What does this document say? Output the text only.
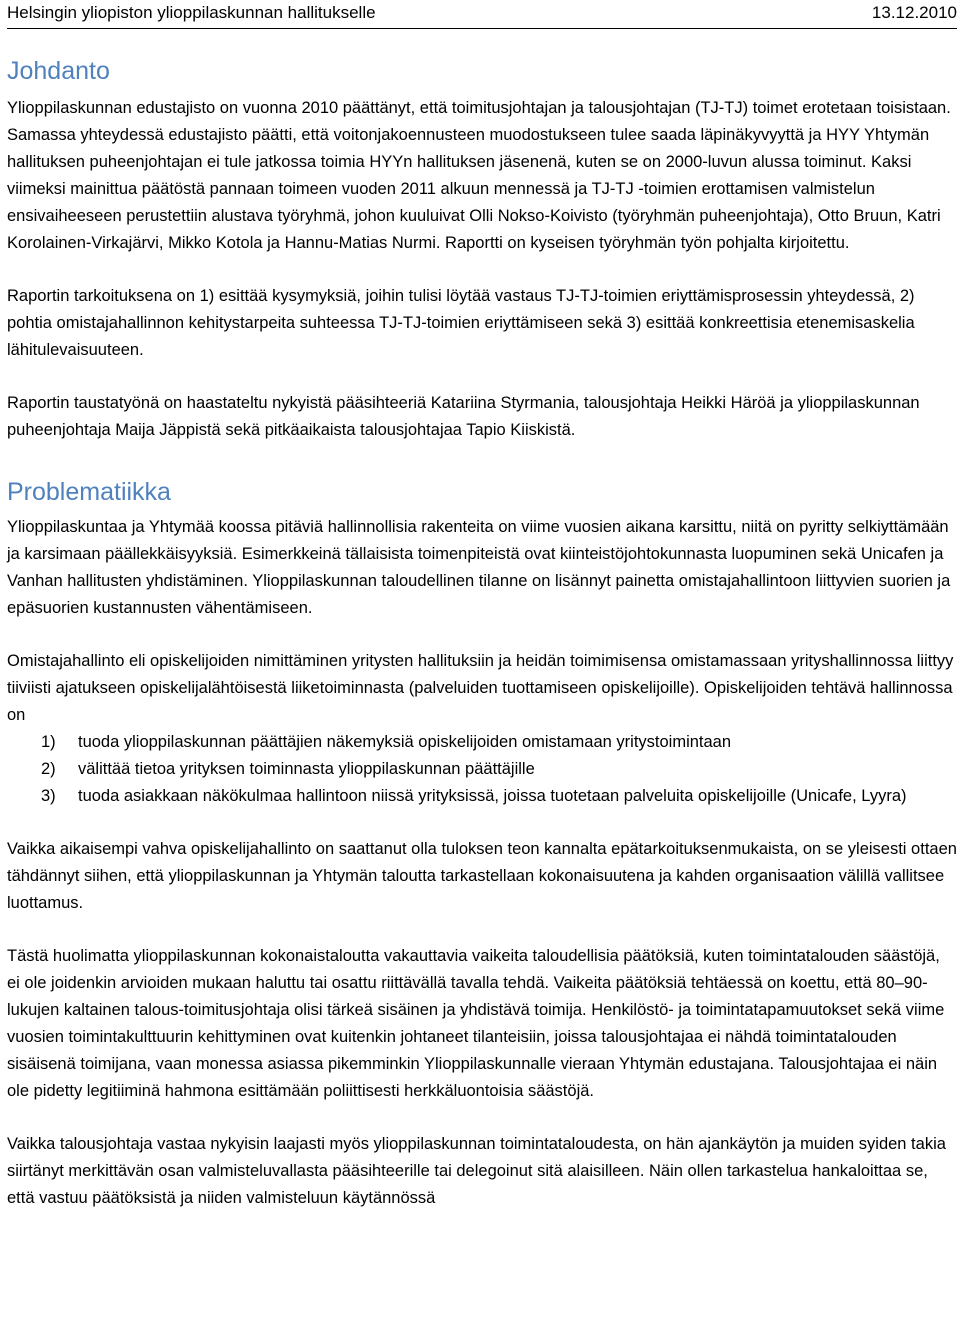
Helsingin yliopiston ylioppilaskunnan hallitukselle	13.12.2010
Johdanto

Ylioppilaskunnan edustajisto on vuonna 2010 päättänyt, että toimitusjohtajan ja talousjohtajan (TJ-TJ) toimet erotetaan toisistaan. Samassa yhteydessä edustajisto päätti, että voitonjakoennusteen muodostukseen tulee saada läpinäkyvyyttä ja HYY Yhtymän hallituksen puheenjohtajan ei tule jatkossa toimia HYYn hallituksen jäsenenä, kuten se on 2000-luvun alussa toiminut. Kaksi viimeksi mainittua päätöstä pannaan toimeen vuoden 2011 alkuun mennessä ja TJ-TJ -toimien erottamisen valmistelun ensivaiheeseen perustettiin alustava työryhmä, johon kuuluivat Olli Nokso-Koivisto (työryhmän puheenjohtaja), Otto Bruun, Katri Korolainen-Virkajärvi, Mikko Kotola ja Hannu-Matias Nurmi. Raportti on kyseisen työryhmän työn pohjalta kirjoitettu.

Raportin tarkoituksena on 1) esittää kysymyksiä, joihin tulisi löytää vastaus TJ-TJ-toimien eriyttämisprosessin yhteydessä, 2) pohtia omistajahallinnon kehitystarpeita suhteessa TJ-TJ-toimien eriyttämiseen sekä 3) esittää konkreettisia etenemisaskelia lähitulevaisuuteen.

Raportin taustatyönä on haastateltu nykyistä pääsihteeriä Katariina Styrmania, talousjohtaja Heikki Häröä ja ylioppilaskunnan puheenjohtaja Maija Jäppistä sekä pitkäaikaista talousjohtajaa Tapio Kiiskistä.

Problematiikka

Ylioppilaskuntaa ja Yhtymää koossa pitäviä hallinnollisia rakenteita on viime vuosien aikana karsittu, niitä on pyritty selkiyttämään ja karsimaan päällekkäisyyksiä. Esimerkkeinä tällaisista toimenpiteistä ovat kiinteistöjohtokunnasta luopuminen sekä Unicafen ja Vanhan hallitusten yhdistäminen. Ylioppilaskunnan taloudellinen tilanne on lisännyt painetta omistajahallintoon liittyvien suorien ja epäsuorien kustannusten vähentämiseen.

Omistajahallinto eli opiskelijoiden nimittäminen yritysten hallituksiin ja heidän toimimisensa omistamassaan yrityshallinnossa liittyy tiiviisti ajatukseen opiskelijalähtöisestä liiketoiminnasta (palveluiden tuottamiseen opiskelijoille). Opiskelijoiden tehtävä hallinnossa on

1) tuoda ylioppilaskunnan päättäjien näkemyksiä opiskelijoiden omistamaan yritystoimintaan
2) välittää tietoa yrityksen toiminnasta ylioppilaskunnan päättäjille
3) tuoda asiakkaan näkökulmaa hallintoon niissä yrityksissä, joissa tuotetaan palveluita opiskelijoille (Unicafe, Lyyra)

Vaikka aikaisempi vahva opiskelijahallinto on saattanut olla tuloksen teon kannalta epätarkoituksenmukaista, on se yleisesti ottaen tähdännyt siihen, että ylioppilaskunnan ja Yhtymän taloutta tarkastellaan kokonaisuutena ja kahden organisaation välillä vallitsee luottamus.

Tästä huolimatta ylioppilaskunnan kokonaistaloutta vakauttavia vaikeita taloudellisia päätöksiä, kuten toimintatalouden säästöjä, ei ole joidenkin arvioiden mukaan haluttu tai osattu riittävällä tavalla tehdä. Vaikeita päätöksiä tehtäessä on koettu, että 80–90-lukujen kaltainen talous-toimitusjohtaja olisi tärkeä sisäinen ja yhdistävä toimija. Henkilöstö- ja toimintatapamuutokset sekä viime vuosien toimintakulttuurin kehittyminen ovat kuitenkin johtaneet tilanteisiin, joissa talousjohtajaa ei nähdä toimintatalouden sisäisenä toimijana, vaan monessa asiassa pikemminkin Ylioppilaskunnalle vieraan Yhtymän edustajana. Talousjohtajaa ei näin ole pidetty legitiiminä hahmona esittämään poliittisesti herkkäluontoisia säästöjä.

Vaikka talousjohtaja vastaa nykyisin laajasti myös ylioppilaskunnan toimintataloudesta, on hän ajankäytön ja muiden syiden takia siirtänyt merkittävän osan valmisteluvallasta pääsihteerille tai delegoinut sitä alaisilleen. Näin ollen tarkastelua hankaloittaa se, että vastuu päätöksistä ja niiden valmisteluun käytännössä
